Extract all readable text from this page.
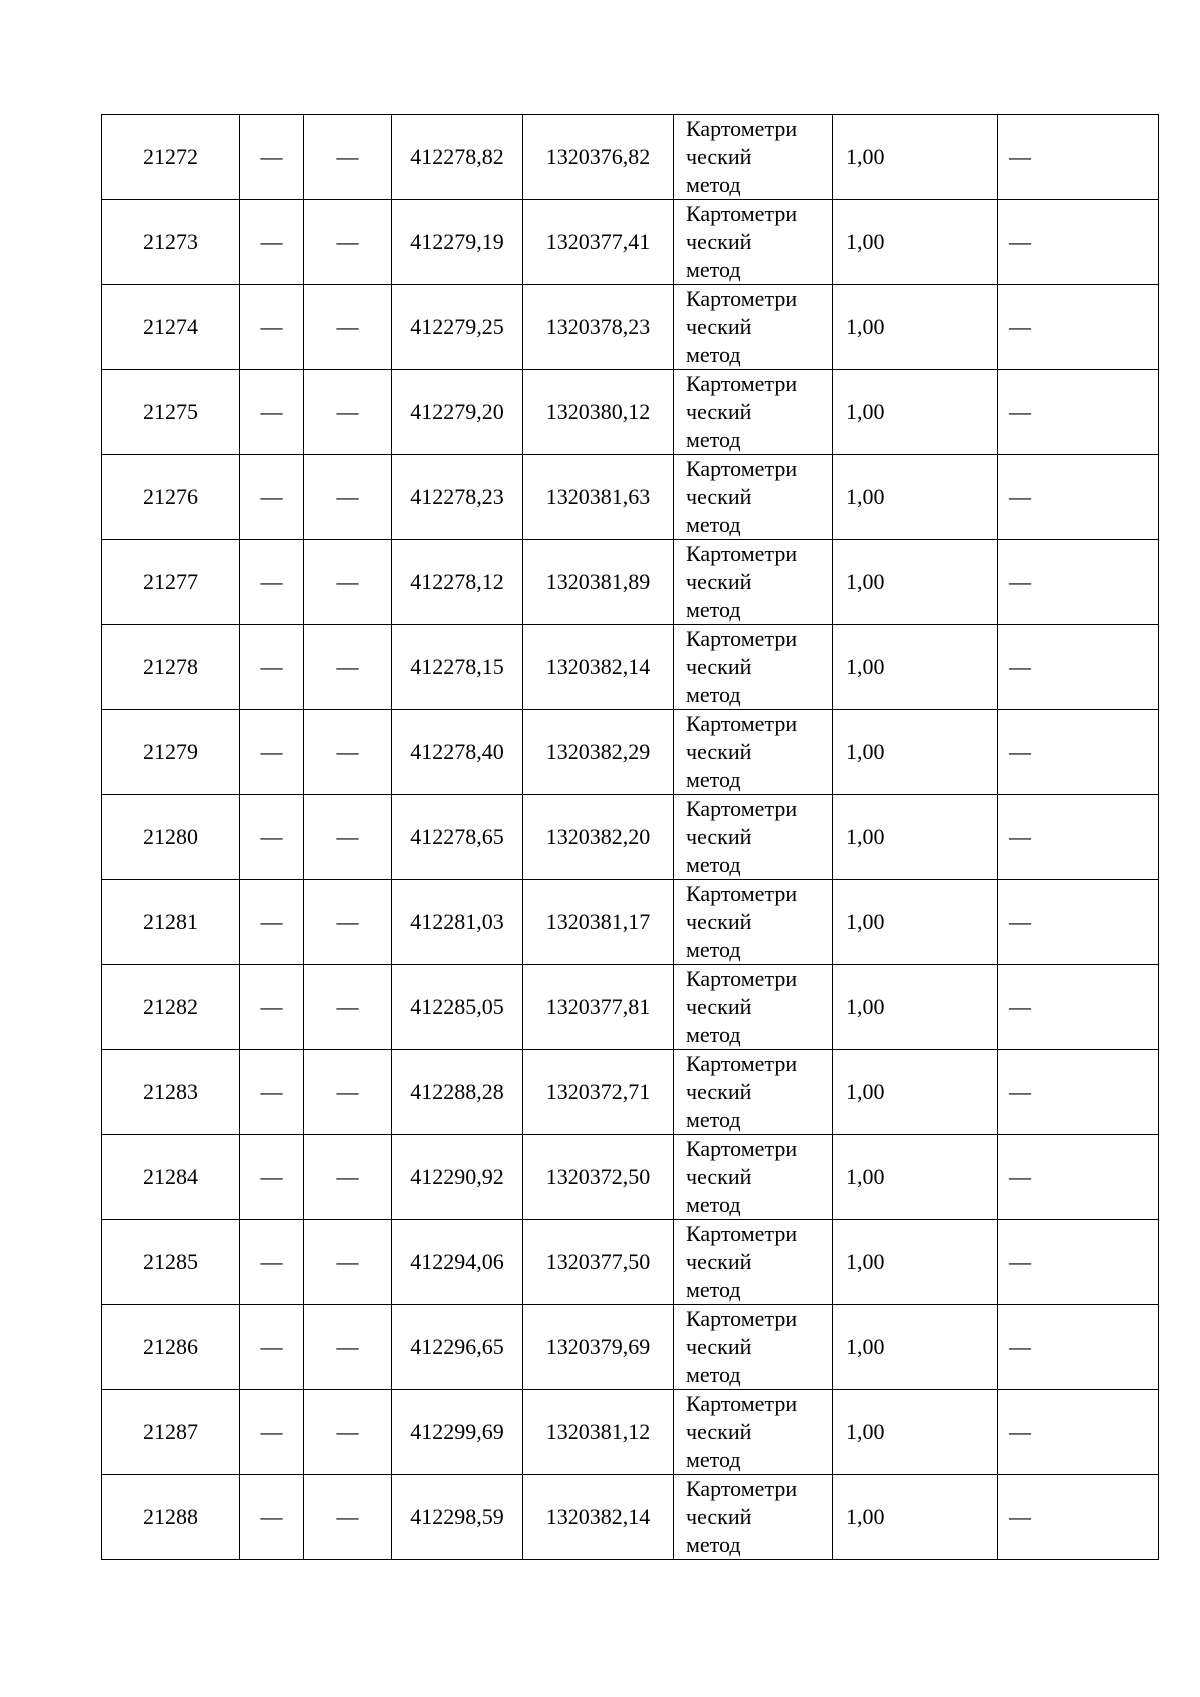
21272	—	—	412278,82	1320376,82	Картометри
ческий
метод	1,00	—
21273	—	—	412279,19	1320377,41	Картометри
ческий
метод	1,00	—
21274	—	—	412279,25	1320378,23	Картометри
ческий
метод	1,00	—
21275	—	—	412279,20	1320380,12	Картометри
ческий
метод	1,00	—
21276	—	—	412278,23	1320381,63	Картометри
ческий
метод	1,00	—
21277	—	—	412278,12	1320381,89	Картометри
ческий
метод	1,00	—
21278	—	—	412278,15	1320382,14	Картометри
ческий
метод	1,00	—
21279	—	—	412278,40	1320382,29	Картометри
ческий
метод	1,00	—
21280	—	—	412278,65	1320382,20	Картометри
ческий
метод	1,00	—
21281	—	—	412281,03	1320381,17	Картометри
ческий
метод	1,00	—
21282	—	—	412285,05	1320377,81	Картометри
ческий
метод	1,00	—
21283	—	—	412288,28	1320372,71	Картометри
ческий
метод	1,00	—
21284	—	—	412290,92	1320372,50	Картометри
ческий
метод	1,00	—
21285	—	—	412294,06	1320377,50	Картометри
ческий
метод	1,00	—
21286	—	—	412296,65	1320379,69	Картометри
ческий
метод	1,00	—
21287	—	—	412299,69	1320381,12	Картометри
ческий
метод	1,00	—
21288	—	—	412298,59	1320382,14	Картометри
ческий
метод	1,00	—
